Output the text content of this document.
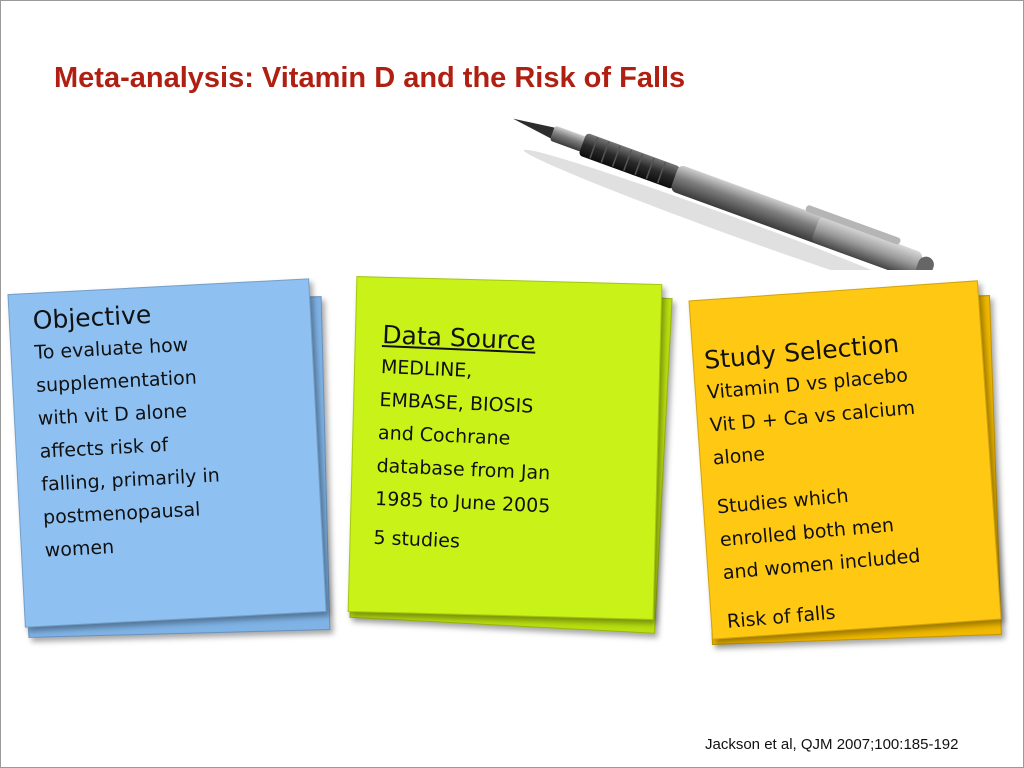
Meta-analysis: Vitamin D and the Risk of Falls
Objective
To evaluate how
supplementation
with vit D alone
affects risk of
falling, primarily in
postmenopausal
women
Data Source
MEDLINE,
EMBASE, BIOSIS
and Cochrane
database from Jan
1985 to June 2005
5 studies
Study Selection
Vitamin D vs placebo
Vit D + Ca vs calcium
alone
Studies which
enrolled both men
and women included
Risk of falls
Jackson et al, QJM 2007;100:185-192
